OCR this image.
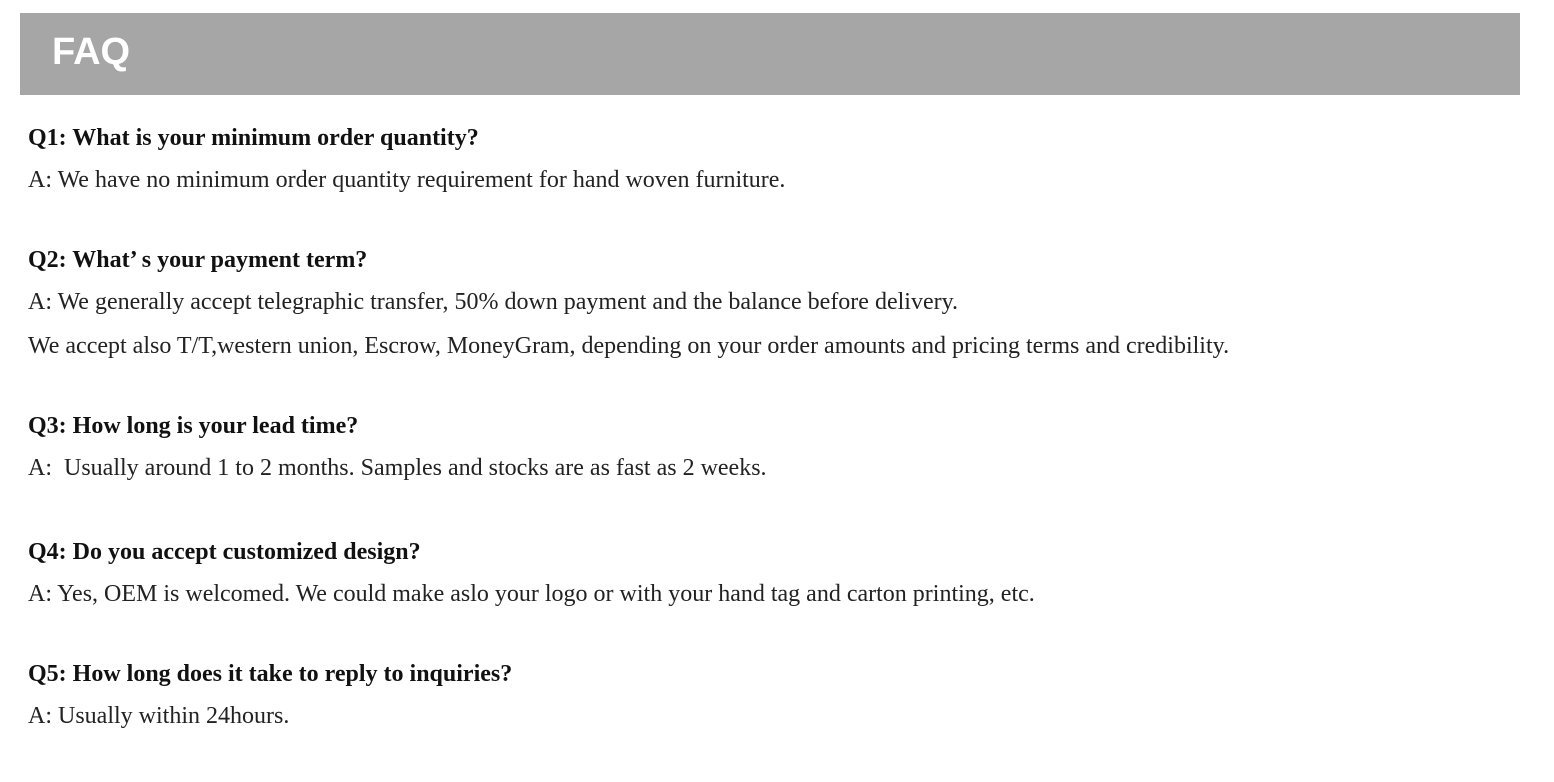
FAQ

Q1: What is your minimum order quantity?

A: We have no minimum order quantity requirement for hand woven furniture.

Q2: What’ s your payment term?

A: We generally accept telegraphic transfer, 50% down payment and the balance before delivery.

We accept also T/T,western union, Escrow, MoneyGram, depending on your order amounts and pricing terms and credibility.

Q3: How long is your lead time?

A:  Usually around 1 to 2 months. Samples and stocks are as fast as 2 weeks.

Q4: Do you accept customized design?

A: Yes, OEM is welcomed. We could make aslo your logo or with your hand tag and carton printing, etc.

Q5: How long does it take to reply to inquiries?

A: Usually within 24hours.
